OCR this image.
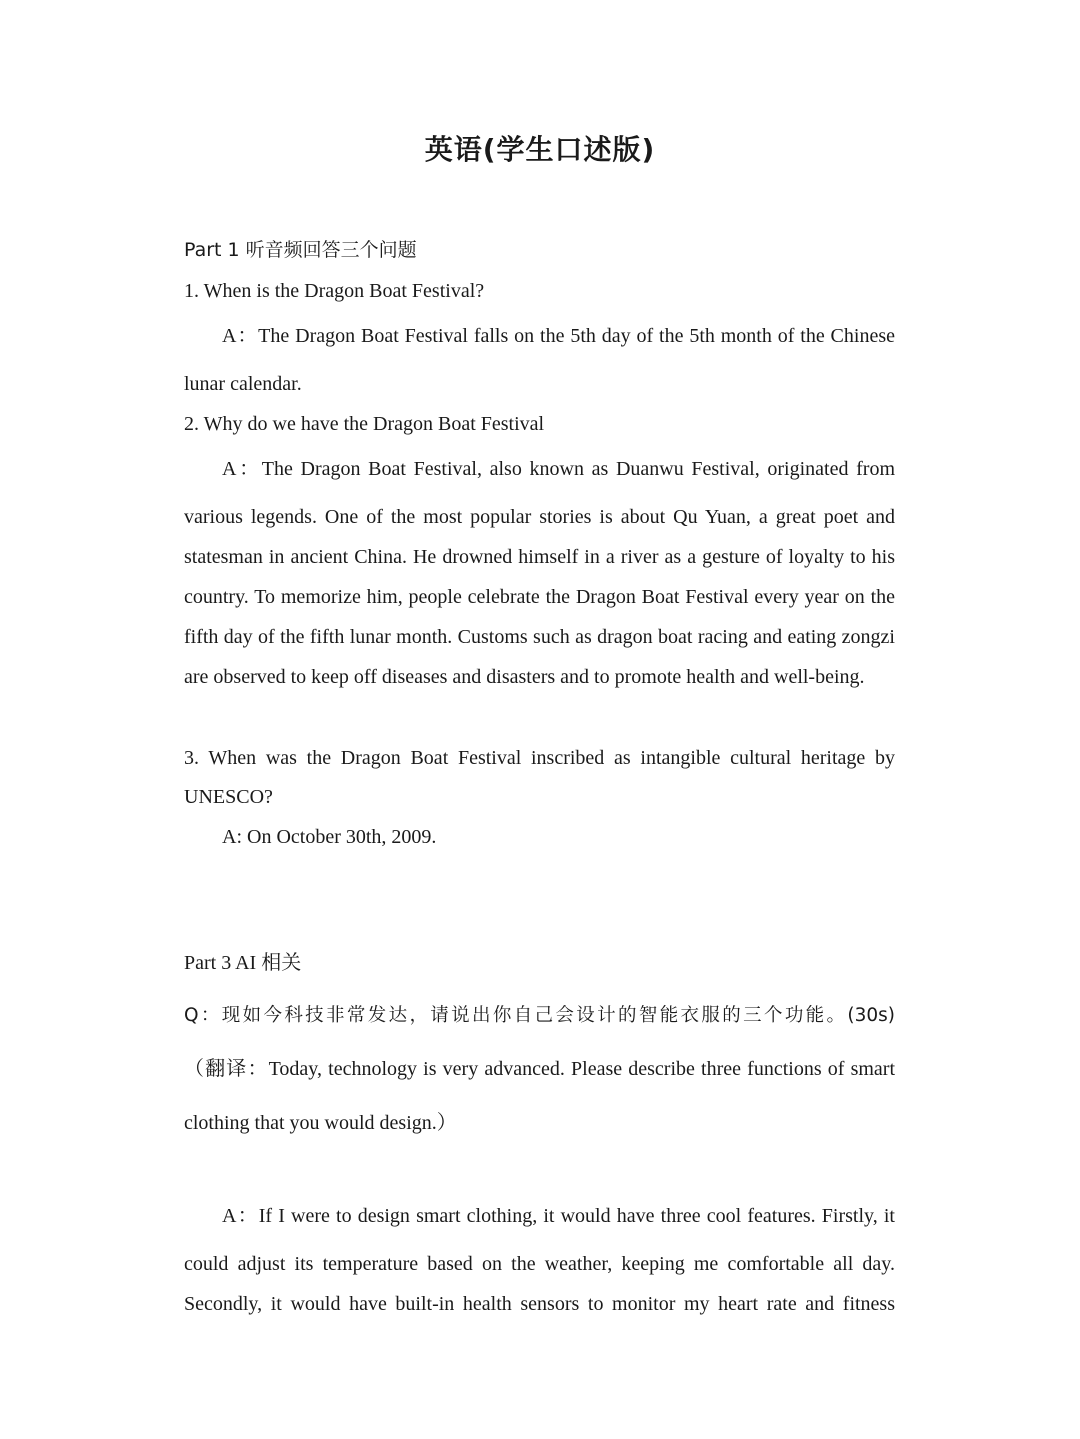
英语(学生口述版)
Part 1 听音频回答三个问题
1. When is the Dragon Boat Festival?
A：The Dragon Boat Festival falls on the 5th day of the 5th month of the Chinese
lunar calendar.
2. Why do we have the Dragon Boat Festival
A：The Dragon Boat Festival, also known as Duanwu Festival, originated from
various legends. One of the most popular stories is about Qu Yuan, a great poet and
statesman in ancient China. He drowned himself in a river as a gesture of loyalty to his
country. To memorize him, people celebrate the Dragon Boat Festival every year on the
fifth day of the fifth lunar month. Customs such as dragon boat racing and eating zongzi
are observed to keep off diseases and disasters and to promote health and well-being.
3. When was the Dragon Boat Festival inscribed as intangible cultural heritage by
UNESCO?
A: On October 30th, 2009.
Part 3 AI 相关
Q：现如今科技非常发达，请说出你自己会设计的智能衣服的三个功能。(30s)
（翻译：Today, technology is very advanced. Please describe three functions of smart
clothing that you would design.）
A：If I were to design smart clothing, it would have three cool features. Firstly, it
could adjust its temperature based on the weather, keeping me comfortable all day.
Secondly, it would have built-in health sensors to monitor my heart rate and fitness
